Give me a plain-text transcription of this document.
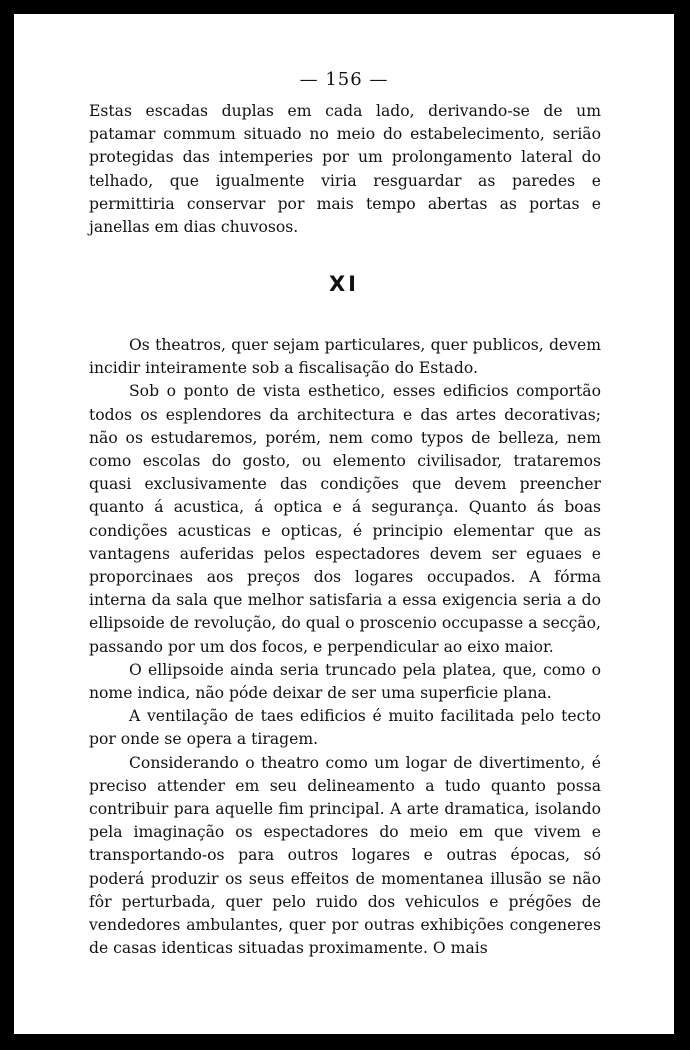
— 156 —

Estas escadas duplas em cada lado, derivando-se de um patamar commum situado no meio do estabelecimento, serião protegidas das intemperies por um prolongamento lateral do telhado, que igualmente viria resguardar as paredes e permittiria conservar por mais tempo abertas as portas e janellas em dias chuvosos.

XI

Os theatros, quer sejam particulares, quer publicos, devem incidir inteiramente sob a fiscalisação do Estado.

Sob o ponto de vista esthetico, esses edificios comportão todos os esplendores da architectura e das artes decorativas; não os estudaremos, porém, nem como typos de belleza, nem como escolas do gosto, ou elemento civilisador, trataremos quasi exclusivamente das condições que devem preencher quanto á acustica, á optica e á segurança. Quanto ás boas condições acusticas e opticas, é principio elementar que as vantagens auferidas pelos espectadores devem ser eguaes e proporcinaes aos preços dos logares occupados. A fórma interna da sala que melhor satisfaria a essa exigencia seria a do ellipsoide de revolução, do qual o proscenio occupasse a secção, passando por um dos focos, e perpendicular ao eixo maior.

O ellipsoide ainda seria truncado pela platea, que, como o nome indica, não póde deixar de ser uma superficie plana.

A ventilação de taes edificios é muito facilitada pelo tecto por onde se opera a tiragem.

Considerando o theatro como um logar de divertimento, é preciso attender em seu delineamento a tudo quanto possa contribuir para aquelle fim principal. A arte dramatica, isolando pela imaginação os espectadores do meio em que vivem e transportando-os para outros logares e outras épocas, só poderá produzir os seus effeitos de momentanea illusão se não fôr perturbada, quer pelo ruido dos vehiculos e prégões de vendedores ambulantes, quer por outras exhibições congeneres de casas identicas situadas proximamente. O mais
